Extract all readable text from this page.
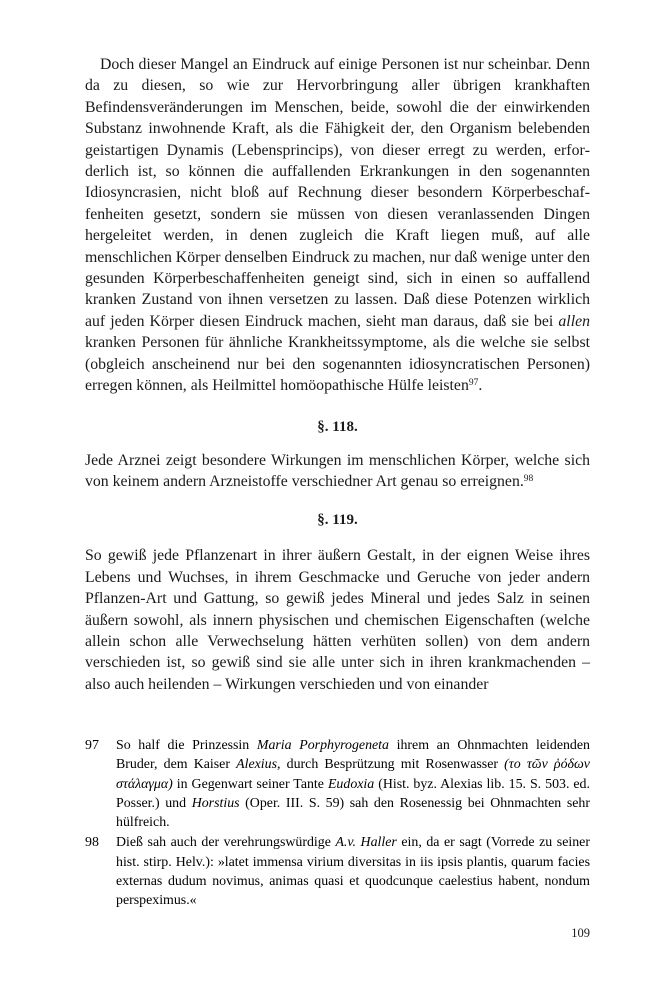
Doch dieser Mangel an Eindruck auf einige Personen ist nur scheinbar. Denn da zu diesen, so wie zur Hervorbringung aller übrigen krankhaften Befindensveränderungen im Menschen, beide, sowohl die der einwirkenden Substanz inwohnende Kraft, als die Fähigkeit der, den Organism belebenden geistartigen Dynamis (Lebensprincips), von dieser erregt zu werden, erforderlich ist, so können die auffallenden Erkrankungen in den sogenannten Idiosyncrasien, nicht bloß auf Rechnung dieser besondern Körperbeschaffenheiten gesetzt, sondern sie müssen von diesen veranlassenden Dingen hergeleitet werden, in denen zugleich die Kraft liegen muß, auf alle menschlichen Körper denselben Eindruck zu machen, nur daß wenige unter den gesunden Körperbeschaffenheiten geneigt sind, sich in einen so auffallend kranken Zustand von ihnen versetzen zu lassen. Daß diese Potenzen wirklich auf jeden Körper diesen Eindruck machen, sieht man daraus, daß sie bei allen kranken Personen für ähnliche Krankheitssymptome, als die welche sie selbst (obgleich anscheinend nur bei den sogenannten idiosyncratischen Personen) erregen können, als Heilmittel homöopathische Hülfe leisten$^{97}$.

§. 118.

Jede Arznei zeigt besondere Wirkungen im menschlichen Körper, welche sich von keinem andern Arzneistoffe verschiedner Art genau so erreignen.$^{98}$

§. 119.

So gewiß jede Pflanzenart in ihrer äußern Gestalt, in der eignen Weise ihres Lebens und Wuchses, in ihrem Geschmacke und Geruche von jeder andern Pflanzen-Art und Gattung, so gewiß jedes Mineral und jedes Salz in seinen äußern sowohl, als innern physischen und chemischen Eigenschaften (welche allein schon alle Verwechselung hätten verhüten sollen) von dem andern verschieden ist, so gewiß sind sie alle unter sich in ihren krankmachenden – also auch heilenden – Wirkungen verschieden und von einander

97	So half die Prinzessin Maria Porphyrogeneta ihrem an Ohnmachten leidenden Bruder, dem Kaiser Alexius, durch Besprützung mit Rosenwasser (το τῶν ῥόδων στάλαγμα) in Gegenwart seiner Tante Eudoxia (Hist. byz. Alexias lib. 15. S. 503. ed. Posser.) und Horstius (Oper. III. S. 59) sah den Rosenessig bei Ohnmachten sehr hülfreich.

98	Dieß sah auch der verehrungswürdige A.v. Haller ein, da er sagt (Vorrede zu seiner hist. stirp. Helv.): »latet immensa virium diversitas in iis ipsis plantis, quarum facies externas dudum novimus, animas quasi et quodcunque caelestius habent, nondum perspeximus.«

109
